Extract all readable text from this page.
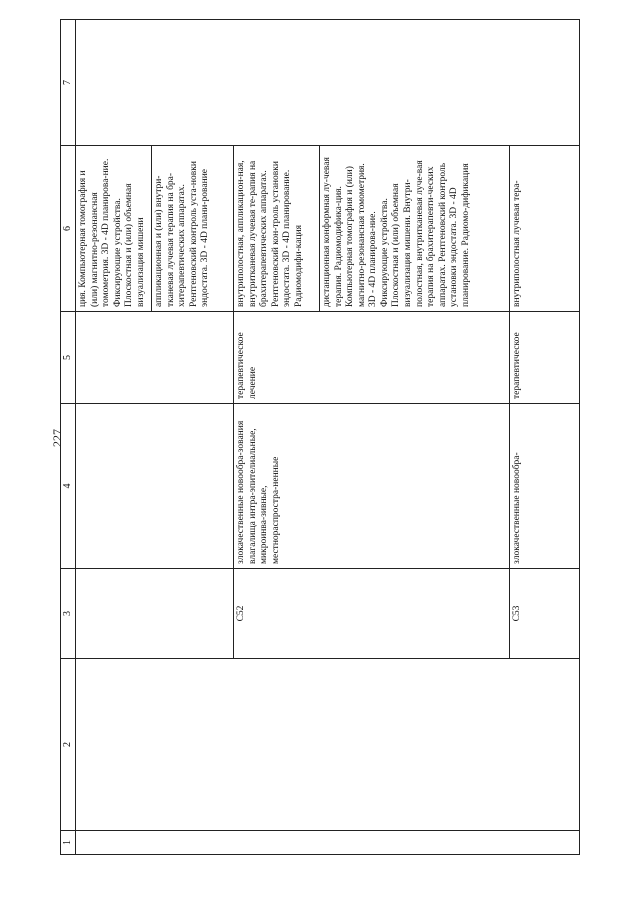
227
1	2	3	4	5	6	7
					ция. Компьютерная томография и (или) магнитно-резонансная томометрия. 3D - 4D планирова-ние. Фиксирующие устройства. Плоскостная и (или) объемная визуализация мишени	
					аппликационная и (или) внутри-тканевая лучевая терапия на бра-хитерапевтических аппаратах. Рентгеновский контроль уста-новки эндостата. 3D - 4D плани-рование	
		C52	злокачественные новообра-зования влагалища интра-эпителиальные, микроинва-зивные, местнораспростра-ненные	терапевтическое лечение	внутриполостная, аппликацион-ная, внутритканевая лучевая те-рапия на брахитерапевтических аппаратах. Рентгеновский кон-троль установки эндостата. 3D - 4D планирование. Радиомодифи-кация	
					дистанционная конформная лу-чевая терапия. Радиомодифика-ция. Компьютерная томография и (или) магнитно-резонансная томометрия. 3D - 4D планирова-ние. Фиксирующие устройства. Плоскостная и (или) объемная визуализация мишени. Внутри-полостная, внутритканевая луче-вая терапия на брахитерапевти-ческих аппаратах. Рентгеновский контроль установки эндостата. 3D - 4D планирование. Радиомо-дификация	
		C53	злокачественные новообра-	терапевтическое	внутриполостная лучевая тера-	
